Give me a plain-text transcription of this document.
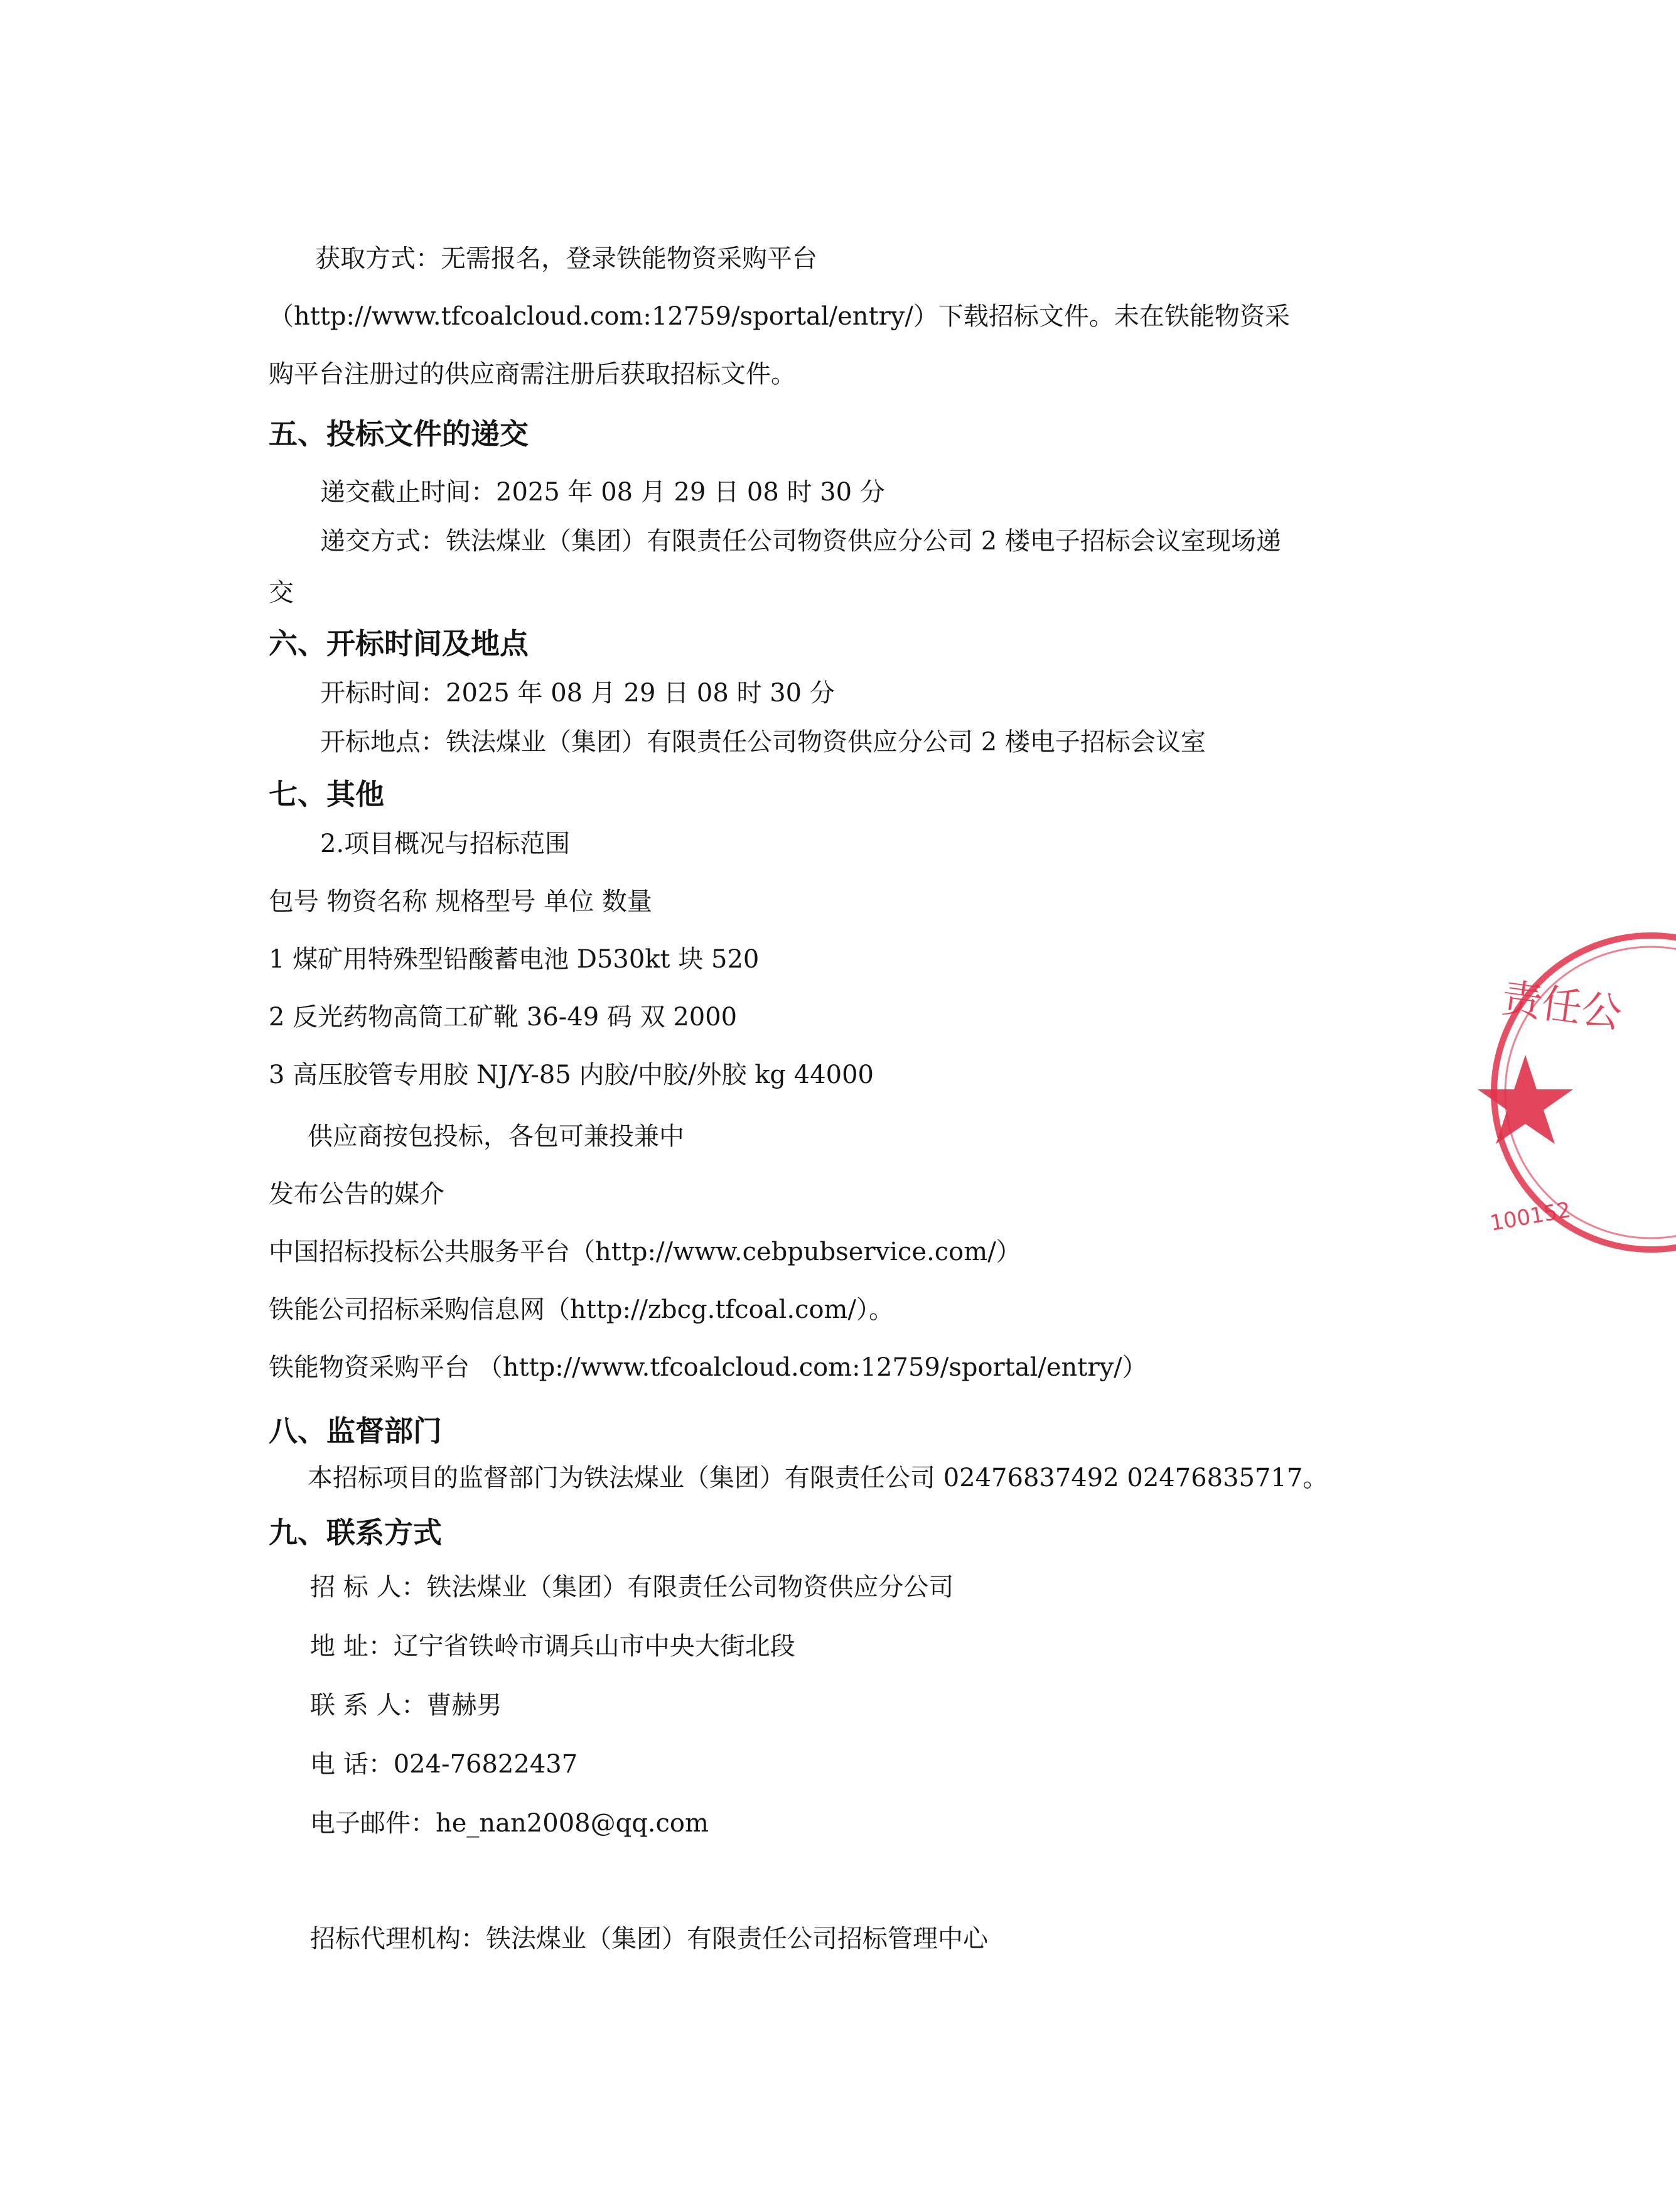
获取方式：无需报名，登录铁能物资采购平台
（http://www.tfcoalcloud.com:12759/sportal/entry/）下载招标文件。未在铁能物资采
购平台注册过的供应商需注册后获取招标文件。
五、投标文件的递交
递交截止时间：2025 年 08 月 29 日 08 时 30 分
递交方式：铁法煤业（集团）有限责任公司物资供应分公司 2 楼电子招标会议室现场递
交
六、开标时间及地点
开标时间：2025 年 08 月 29 日 08 时 30 分
开标地点：铁法煤业（集团）有限责任公司物资供应分公司 2 楼电子招标会议室
七、其他
2.项目概况与招标范围
包号 物资名称 规格型号 单位 数量
1 煤矿用特殊型铅酸蓄电池 D530kt 块 520
2 反光药物高筒工矿靴 36-49 码 双 2000
3 高压胶管专用胶 NJ/Y-85 内胶/中胶/外胶 kg 44000
供应商按包投标，各包可兼投兼中
发布公告的媒介
中国招标投标公共服务平台（http://www.cebpubservice.com/）
铁能公司招标采购信息网（http://zbcg.tfcoal.com/）。
铁能物资采购平台 （http://www.tfcoalcloud.com:12759/sportal/entry/）
八、监督部门
本招标项目的监督部门为铁法煤业（集团）有限责任公司 02476837492 02476835717。
九、联系方式
招 标 人：铁法煤业（集团）有限责任公司物资供应分公司
地 址：辽宁省铁岭市调兵山市中央大街北段
联 系 人：曹赫男
电 话：024-76822437
电子邮件：he_nan2008@qq.com
招标代理机构：铁法煤业（集团）有限责任公司招标管理中心
责任公
100152
